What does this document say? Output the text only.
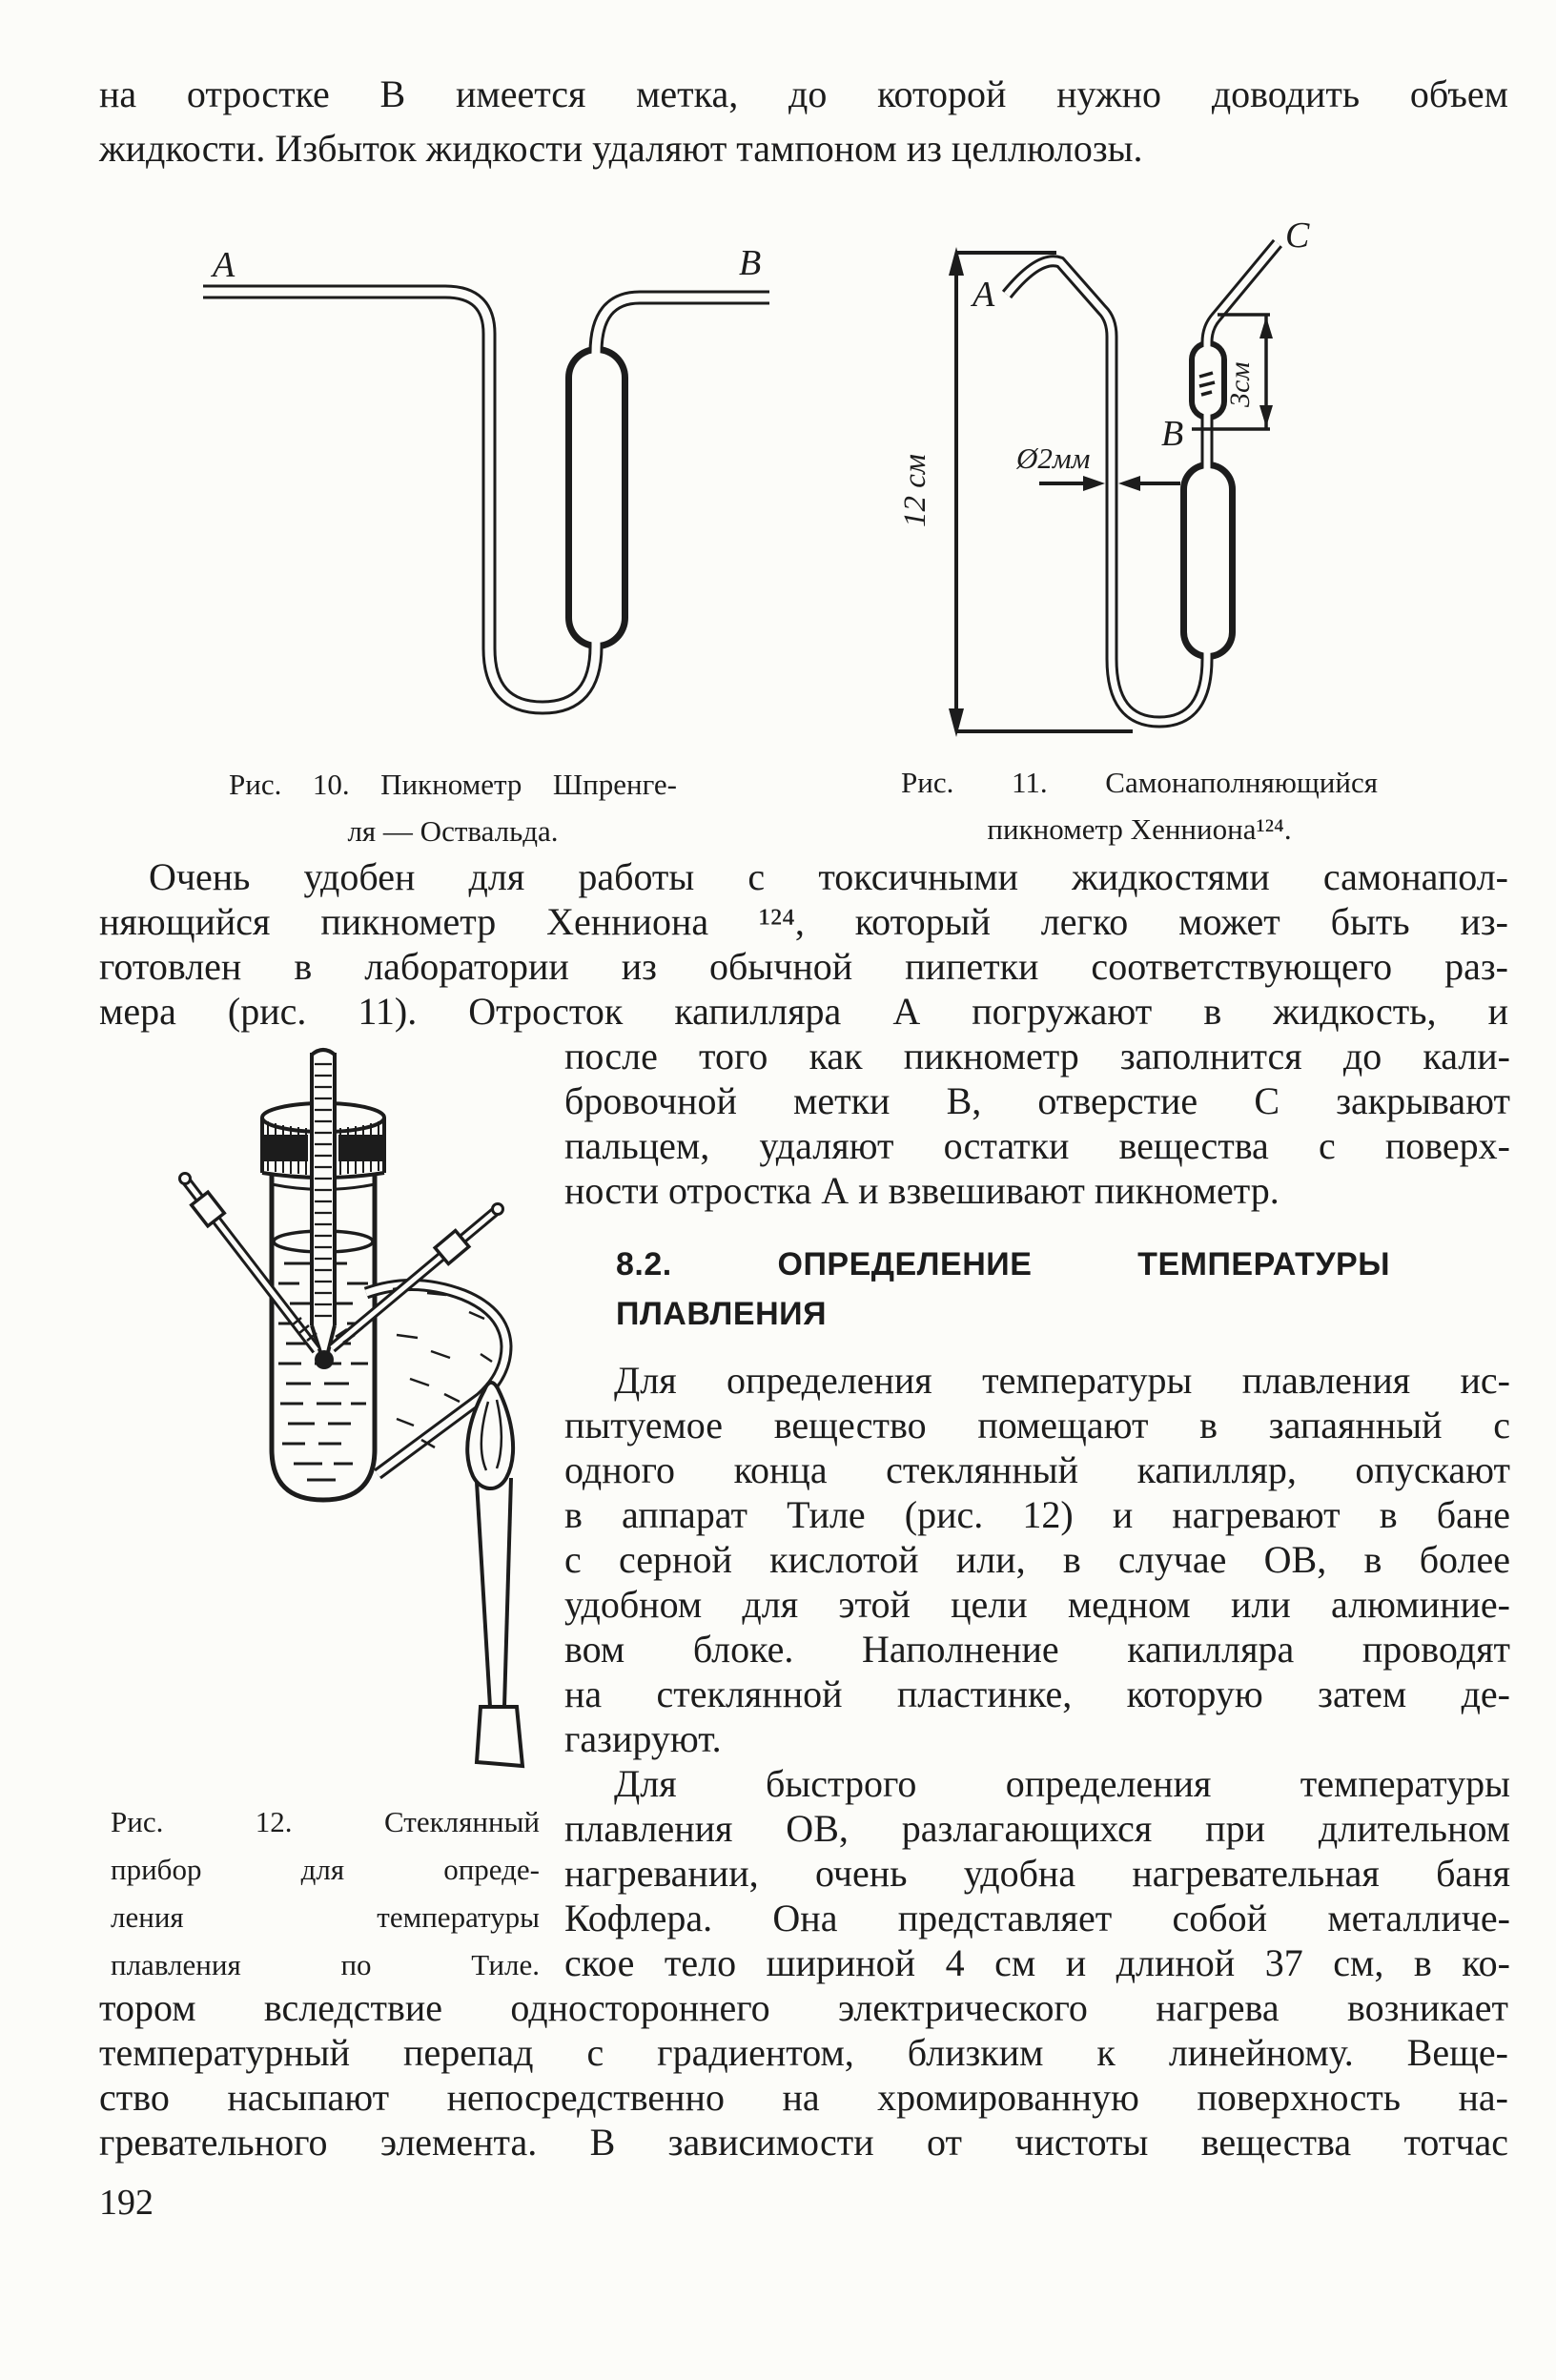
на отростке В имеется метка, до которой нужно доводить объем
жидкости. Избыток жидкости удаляют тампоном из целлюлозы.
А	В
12 см	Ø2мм
3см
А
В
С
Рис. 10. Пикнометр Шпренге-
ля — Оствальда.
Рис. 11. Самонаполняющийся
пикнометр Хенниона¹²⁴.
Очень удобен для работы с токсичными жидкостями самонапол-
няющийся пикнометр Хенниона ¹²⁴, который легко может быть из-
готовлен в лаборатории из обычной пипетки соответствующего раз-
мера (рис. 11). Отросток капилляра А погружают в жидкость, и
Рис. 12. Стеклянный
прибор для опреде-
ления температуры
плавления по Тиле.
после того как пикнометр заполнится до кали-
бровочной метки В, отверстие С закрывают
пальцем, удаляют остатки вещества с поверх-
ности отростка А и взвешивают пикнометр.
8.2. ОПРЕДЕЛЕНИЕ ТЕМПЕРАТУРЫ
ПЛАВЛЕНИЯ
Для определения температуры плавления ис-
пытуемое вещество помещают в запаянный с
одного конца стеклянный капилляр, опускают
в аппарат Тиле (рис. 12) и нагревают в бане
с серной кислотой или, в случае ОВ, в более
удобном для этой цели медном или алюминие-
вом блоке. Наполнение капилляра проводят
на стеклянной пластинке, которую затем де-
газируют.
Для быстрого определения температуры
плавления ОВ, разлагающихся при длительном
нагревании, очень удобна нагревательная баня
Кофлера. Она представляет собой металличе-
ское тело шириной 4 см и длиной 37 см, в ко-
тором вследствие одностороннего электрического нагрева возникает
температурный перепад с градиентом, близким к линейному. Веще-
ство насыпают непосредственно на хромированную поверхность на-
гревательного элемента. В зависимости от чистоты вещества тотчас
192
